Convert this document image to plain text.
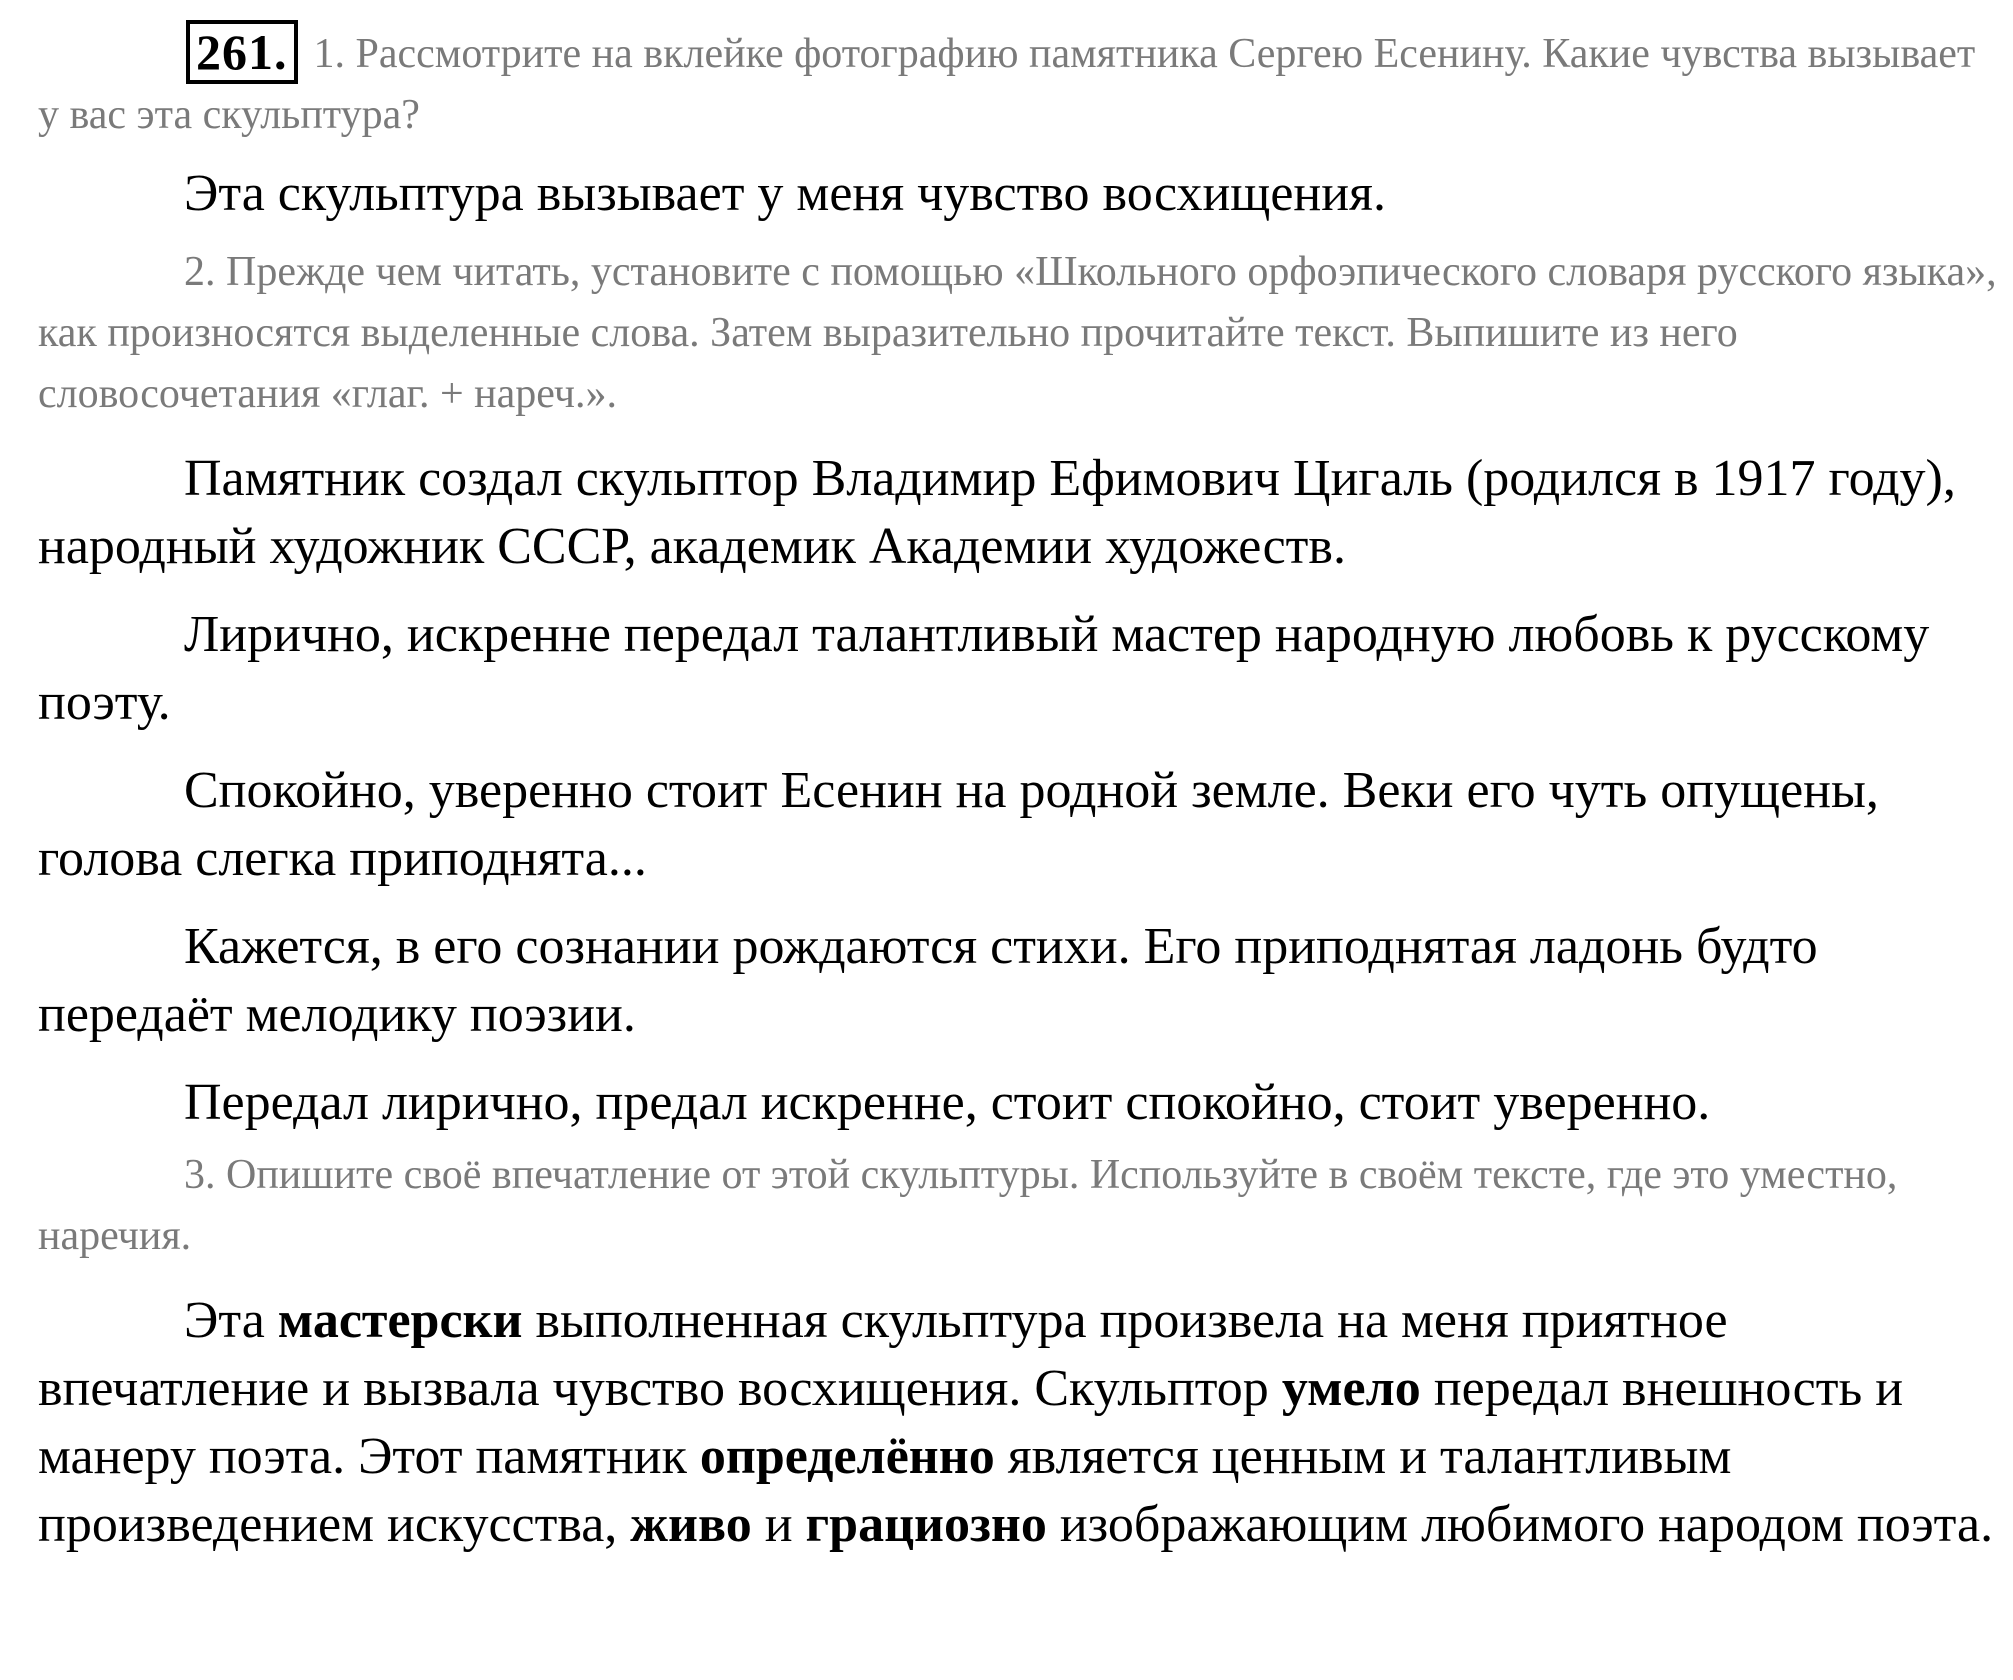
261. 1. Рассмотрите на вклейке фотографию памятника Сергею Есенину. Какие чувства вызывает у вас эта скульптура?

Эта скульптура вызывает у меня чувство восхищения.

2. Прежде чем читать, установите с помощью «Школьного орфоэпического словаря русского языка», как произносятся выделенные слова. Затем выразительно прочитайте текст. Выпишите из него словосочетания «глаг. + нареч.».

Памятник создал скульптор Владимир Ефимович Цигаль (родился в 1917 году), народный художник СССР, академик Академии художеств.

Лирично, искренне передал талантливый мастер народную любовь к русскому поэту.

Спокойно, уверенно стоит Есенин на родной земле. Веки его чуть опущены, голова слегка приподнята...

Кажется, в его сознании рождаются стихи. Его приподнятая ладонь будто передаёт мелодику поэзии.

Передал лирично, предал искренне, стоит спокойно, стоит уверенно.

3. Опишите своё впечатление от этой скульптуры. Используйте в своём тексте, где это уместно, наречия.

Эта мастерски выполненная скульптура произвела на меня приятное впечатление и вызвала чувство восхищения. Скульптор умело передал внешность и манеру поэта. Этот памятник определённо является ценным и талантливым произведением искусства, живо и грациозно изображающим любимого народом поэта.
